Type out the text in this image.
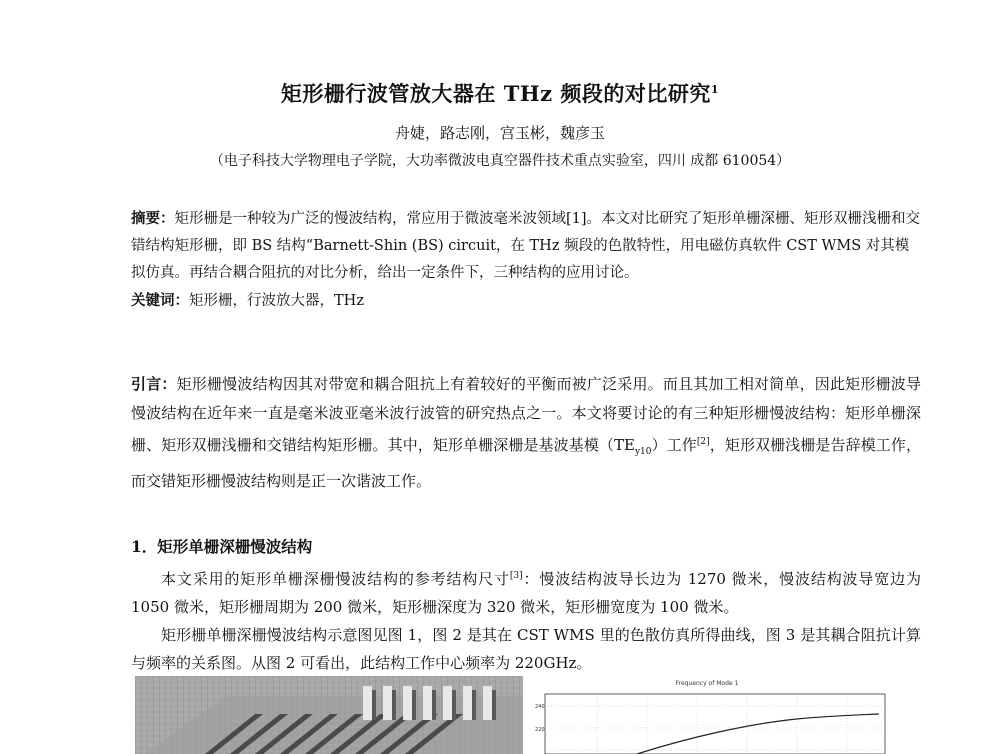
矩形栅行波管放大器在 THz 频段的对比研究$^1$
舟婕，路志刚，宫玉彬，魏彦玉
（电子科技大学物理电子学院，大功率微波电真空器件技术重点实验室，四川 成都 610054）
摘要：矩形栅是一种较为广泛的慢波结构，常应用于微波毫米波领域[1]。本文对比研究了矩形单栅深栅、矩形双栅浅栅和交错结构矩形栅，即 BS 结构“Barnett-Shin (BS) circuit，在 THz 频段的色散特性，用电磁仿真软件 CST WMS 对其模拟仿真。再结合耦合阻抗的对比分析，给出一定条件下，三种结构的应用讨论。
关键词：矩形栅，行波放大器，THz
引言：矩形栅慢波结构因其对带宽和耦合阻抗上有着较好的平衡而被广泛采用。而且其加工相对简单，因此矩形栅波导慢波结构在近年来一直是毫米波亚毫米波行波管的研究热点之一。本文将要讨论的有三种矩形栅慢波结构：矩形单栅深栅、矩形双栅浅栅和交错结构矩形栅。其中，矩形单栅深栅是基波基模$(TE_{y10})$工作[2]，矩形双栅浅栅是告辞模工作，而交错矩形栅慢波结构则是正一次谐波工作。
1．矩形单栅深栅慢波结构

本文采用的矩形单栅深栅慢波结构的参考结构尺寸[3]：慢波结构波导长边为 1270 微米，慢波结构波导宽边为 1050 微米，矩形栅周期为 200 微米，矩形栅深度为 320 微米，矩形栅宽度为 100 微米。

矩形栅单栅深栅慢波结构示意图见图 1，图 2 是其在 CST WMS 里的色散仿真所得曲线，图 3 是其耦合阻抗计算与频率的关系图。从图 2 可看出，此结构工作中心频率为 220GHz。

Frequency of Mode 1
240
220
